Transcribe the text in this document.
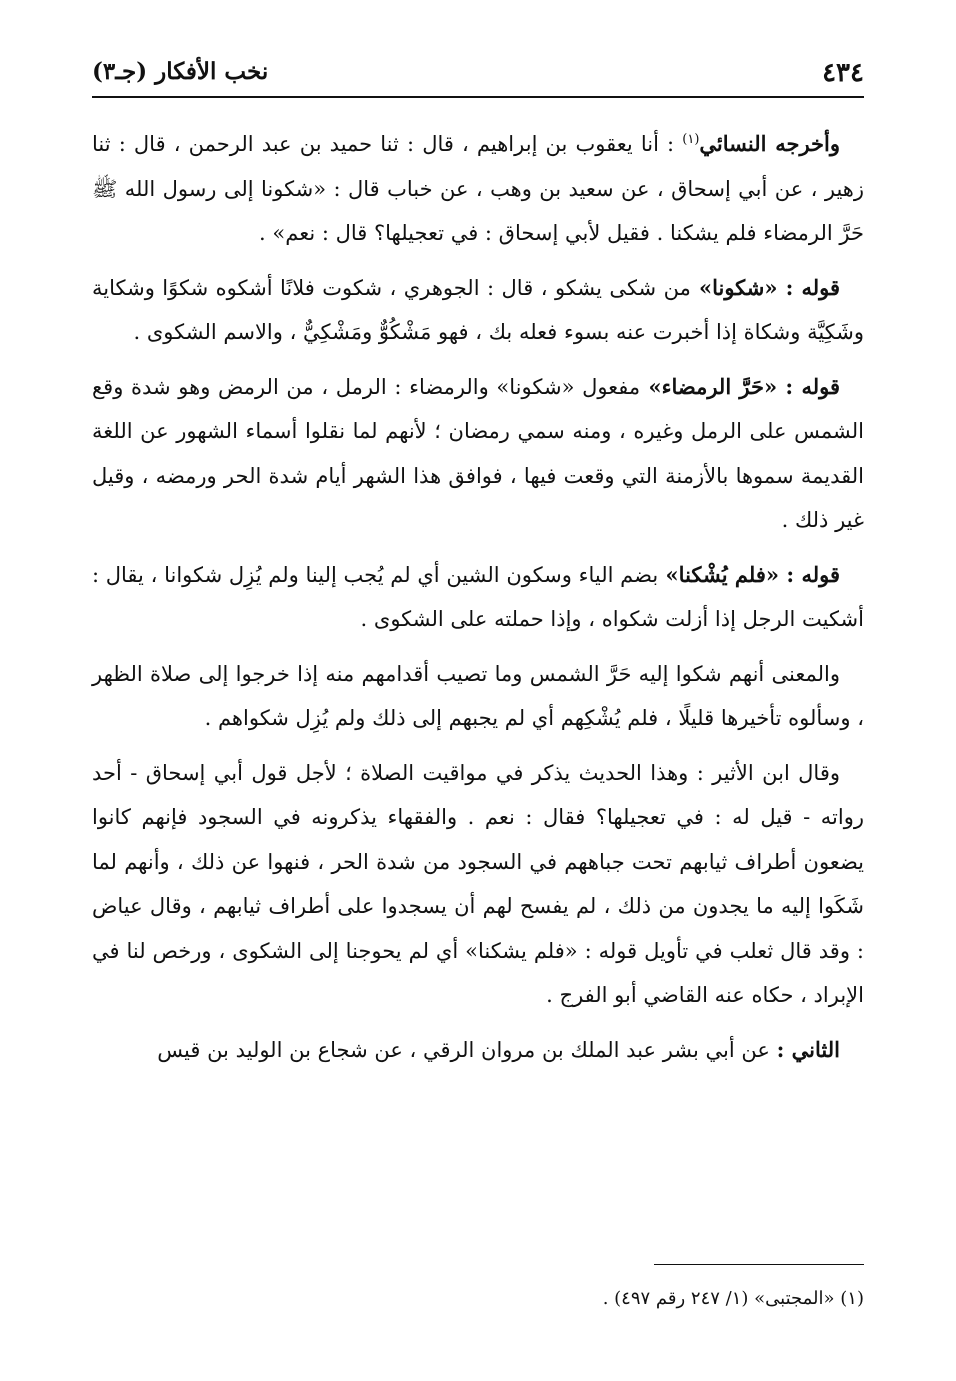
٤٣٤
نخب الأفكار (جـ٣)

وأخرجه النسائي$^{(١)}$ : أنا يعقوب بن إبراهيم ، قال : ثنا حميد بن عبد الرحمن ، قال : ثنا زهير ، عن أبي إسحاق ، عن سعيد بن وهب ، عن خباب قال : «شكونا إلى رسول الله ﷺ حَرَّ الرمضاء فلم يشكنا . فقيل لأبي إسحاق : في تعجيلها؟ قال : نعم» .

قوله : «شكونا» من شكى يشكو ، قال : الجوهري ، شكوت فلانًا أشكوه شكوًا وشكاية وشَكِيَّة وشكاة إذا أخبرت عنه بسوء فعله بك ، فهو مَشْكُوٌّ ومَشْكِيٌّ ، والاسم الشكوى .

قوله : «حَرَّ الرمضاء» مفعول «شكونا» والرمضاء : الرمل ، من الرمض وهو شدة وقع الشمس على الرمل وغيره ، ومنه سمي رمضان ؛ لأنهم لما نقلوا أسماء الشهور عن اللغة القديمة سموها بالأزمنة التي وقعت فيها ، فوافق هذا الشهر أيام شدة الحر ورمضه ، وقيل غير ذلك .

قوله : «فلم يُشْكنا» بضم الياء وسكون الشين أي لم يُجب إلينا ولم يُزِل شكوانا ، يقال : أشكيت الرجل إذا أزلت شكواه ، وإذا حملته على الشكوى .

والمعنى أنهم شكوا إليه حَرَّ الشمس وما تصيب أقدامهم منه إذا خرجوا إلى صلاة الظهر ، وسألوه تأخيرها قليلًا ، فلم يُشْكِهم أي لم يجبهم إلى ذلك ولم يُزِل شكواهم .

وقال ابن الأثير : وهذا الحديث يذكر في مواقيت الصلاة ؛ لأجل قول أبي إسحاق - أحد رواته - قيل له : في تعجيلها؟ فقال : نعم . والفقهاء يذكرونه في السجود فإنهم كانوا يضعون أطراف ثيابهم تحت جباههم في السجود من شدة الحر ، فنهوا عن ذلك ، وأنهم لما شَكَوا إليه ما يجدون من ذلك ، لم يفسح لهم أن يسجدوا على أطراف ثيابهم ، وقال عياض : وقد قال ثعلب في تأويل قوله : «فلم يشكنا» أي لم يحوجنا إلى الشكوى ، ورخص لنا في الإبراد ، حكاه عنه القاضي أبو الفرج .

الثاني : عن أبي بشر عبد الملك بن مروان الرقي ، عن شجاع بن الوليد بن قيس

(١) «المجتبى» (١/ ٢٤٧ رقم ٤٩٧) .
